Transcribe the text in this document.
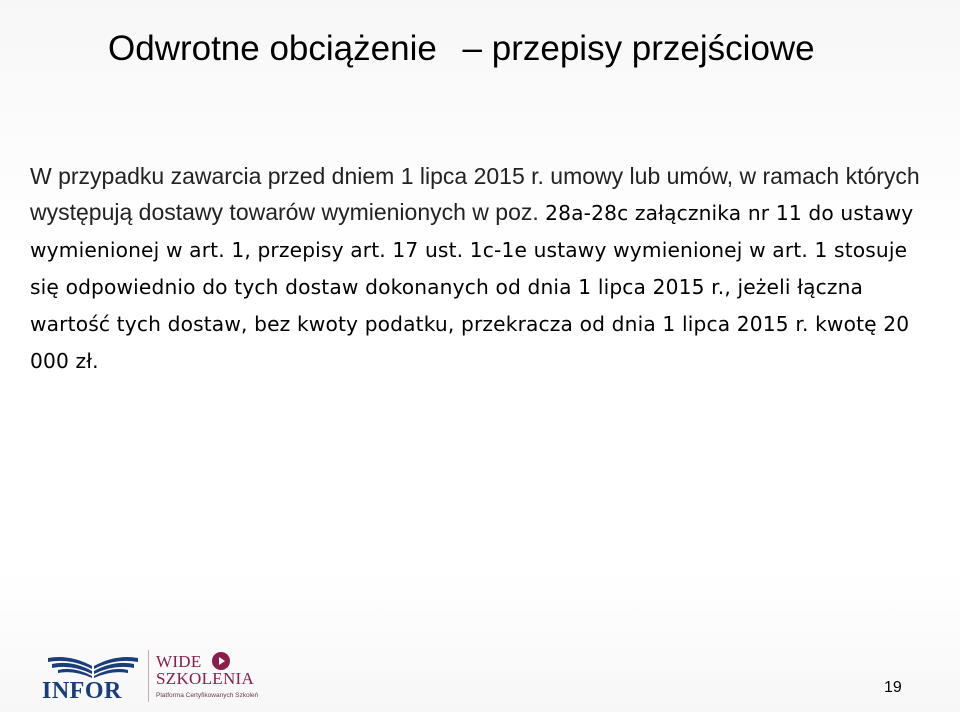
Odwrotne obciążenie – przepisy przejściowe
W przypadku zawarcia przed dniem 1 lipca 2015 r. umowy lub umów, w ramach których występują dostawy towarów wymienionych w poz. 28a-28c załącznika nr 11 do ustawy wymienionej w art. 1, przepisy art. 17 ust. 1c-1e ustawy wymienionej w art. 1 stosuje się odpowiednio do tych dostaw dokonanych od dnia 1 lipca 2015 r., jeżeli łączna wartość tych dostaw, bez kwoty podatku, przekracza od dnia 1 lipca 2015 r. kwotę 20 000 zł.
INFOR
WIDE
SZKOLENIA
Platforma Certyfikowanych Szkoleń	19
